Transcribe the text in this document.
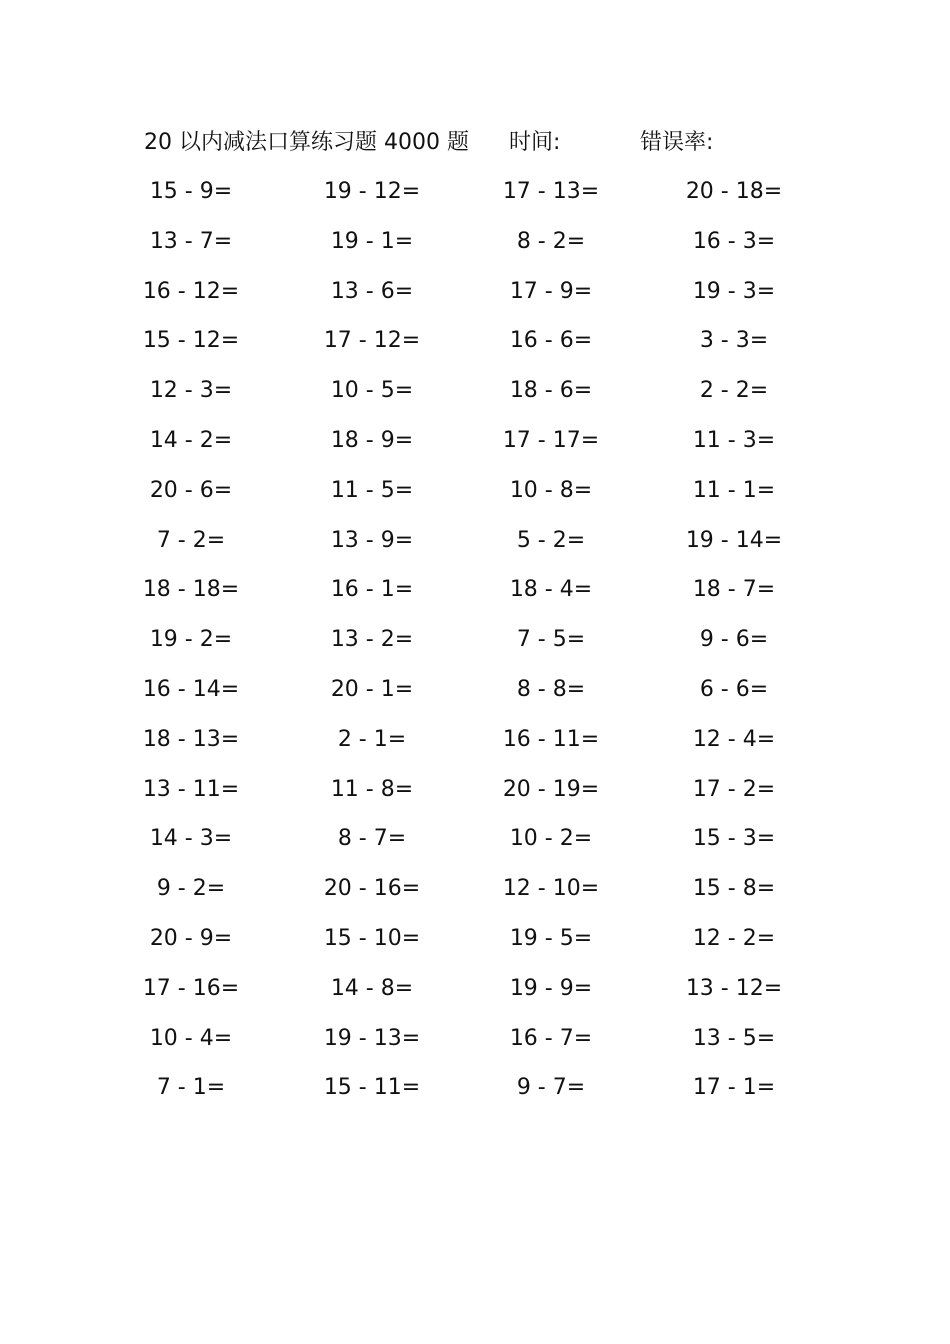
20 以内减法口算练习题 4000 题 时间:	错误率:
15 - 9=	19 - 12=	17 - 13=	20 - 18=
13 - 7=	19 - 1=	8 - 2=	16 - 3=
16 - 12=	13 - 6=	17 - 9=	19 - 3=
15 - 12=	17 - 12=	16 - 6=	3 - 3=
12 - 3=	10 - 5=	18 - 6=	2 - 2=
14 - 2=	18 - 9=	17 - 17=	11 - 3=
20 - 6=	11 - 5=	10 - 8=	11 - 1=
7 - 2=	13 - 9=	5 - 2=	19 - 14=
18 - 18=	16 - 1=	18 - 4=	18 - 7=
19 - 2=	13 - 2=	7 - 5=	9 - 6=
16 - 14=	20 - 1=	8 - 8=	6 - 6=
18 - 13=	2 - 1=	16 - 11=	12 - 4=
13 - 11=	11 - 8=	20 - 19=	17 - 2=
14 - 3=	8 - 7=	10 - 2=	15 - 3=
9 - 2=	20 - 16=	12 - 10=	15 - 8=
20 - 9=	15 - 10=	19 - 5=	12 - 2=
17 - 16=	14 - 8=	19 - 9=	13 - 12=
10 - 4=	19 - 13=	16 - 7=	13 - 5=
7 - 1=	15 - 11=	9 - 7=	17 - 1=
